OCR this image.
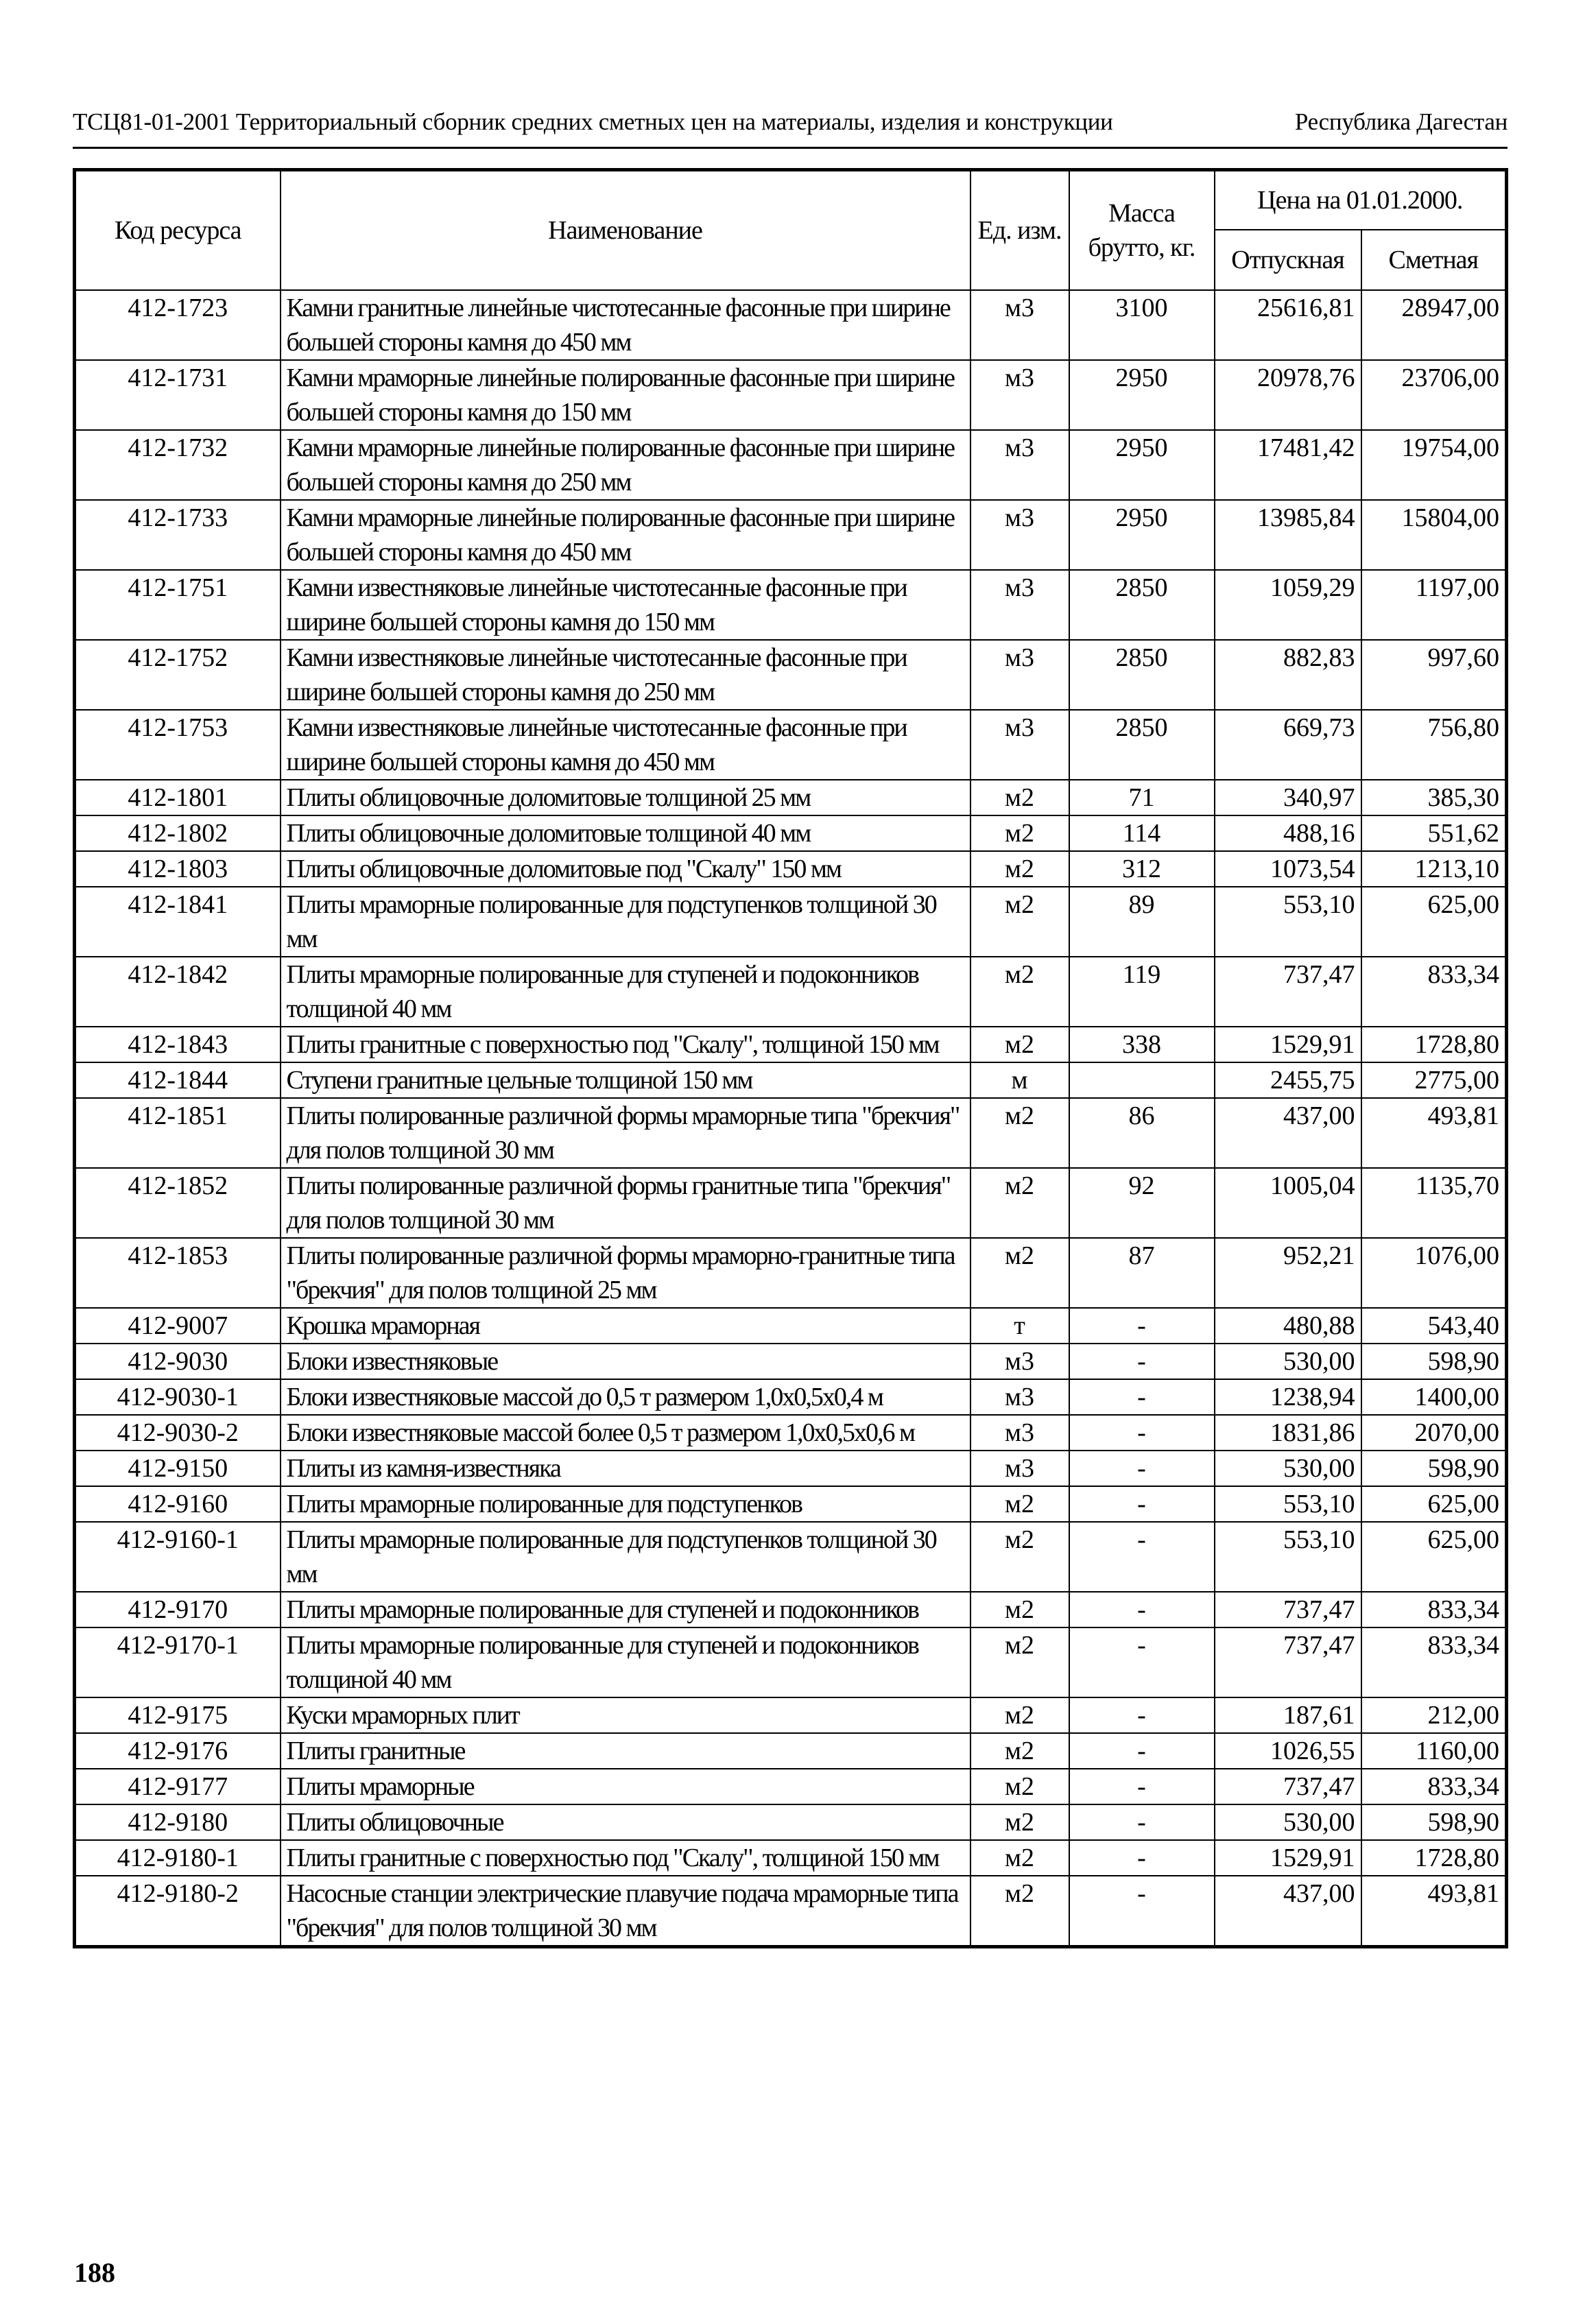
ТСЦ81-01-2001 Территориальный сборник средних сметных цен на материалы, изделия и конструкции	Республика Дагестан
Код ресурса	Наименование	Ед. изм.	Масса брутто, кг.	Цена на 01.01.2000.	
				Отпускная	Сметная
412-1723	Камни гранитные линейные чистотесанные фасонные при ширине большей стороны камня до 450 мм	м3	3100	25616,81	28947,00
412-1731	Камни мраморные линейные полированные фасонные при ширине большей стороны камня до 150 мм	м3	2950	20978,76	23706,00
412-1732	Камни мраморные линейные полированные фасонные при ширине большей стороны камня до 250 мм	м3	2950	17481,42	19754,00
412-1733	Камни мраморные линейные полированные фасонные при ширине большей стороны камня до 450 мм	м3	2950	13985,84	15804,00
412-1751	Камни известняковые линейные чистотесанные фасонные при ширине большей стороны камня до 150 мм	м3	2850	1059,29	1197,00
412-1752	Камни известняковые линейные чистотесанные фасонные при ширине большей стороны камня до 250 мм	м3	2850	882,83	997,60
412-1753	Камни известняковые линейные чистотесанные фасонные при ширине большей стороны камня до 450 мм	м3	2850	669,73	756,80
412-1801	Плиты облицовочные доломитовые толщиной 25 мм	м2	71	340,97	385,30
412-1802	Плиты облицовочные доломитовые толщиной 40 мм	м2	114	488,16	551,62
412-1803	Плиты облицовочные доломитовые под "Скалу" 150 мм	м2	312	1073,54	1213,10
412-1841	Плиты мраморные полированные для подступенков толщиной 30 мм	м2	89	553,10	625,00
412-1842	Плиты мраморные полированные для ступеней и подоконников толщиной 40 мм	м2	119	737,47	833,34
412-1843	Плиты гранитные с поверхностью под "Скалу", толщиной 150 мм	м2	338	1529,91	1728,80
412-1844	Ступени гранитные цельные толщиной 150 мм	м		2455,75	2775,00
412-1851	Плиты полированные различной формы мраморные типа "брекчия" для полов толщиной 30 мм	м2	86	437,00	493,81
412-1852	Плиты полированные различной формы гранитные типа "брекчия" для полов толщиной 30 мм	м2	92	1005,04	1135,70
412-1853	Плиты полированные различной формы мраморно-гранитные типа "брекчия" для полов толщиной 25 мм	м2	87	952,21	1076,00
412-9007	Крошка мраморная	т	-	480,88	543,40
412-9030	Блоки известняковые	м3	-	530,00	598,90
412-9030-1	Блоки известняковые массой до 0,5 т размером 1,0х0,5х0,4 м	м3	-	1238,94	1400,00
412-9030-2	Блоки известняковые массой более 0,5 т размером 1,0х0,5х0,6 м	м3	-	1831,86	2070,00
412-9150	Плиты из камня-известняка	м3	-	530,00	598,90
412-9160	Плиты мраморные полированные для подступенков	м2	-	553,10	625,00
412-9160-1	Плиты мраморные полированные для подступенков толщиной 30 мм	м2	-	553,10	625,00
412-9170	Плиты мраморные полированные для ступеней и подоконников	м2	-	737,47	833,34
412-9170-1	Плиты мраморные полированные для ступеней и подоконников толщиной 40 мм	м2	-	737,47	833,34
412-9175	Куски мраморных плит	м2	-	187,61	212,00
412-9176	Плиты гранитные	м2	-	1026,55	1160,00
412-9177	Плиты мраморные	м2	-	737,47	833,34
412-9180	Плиты облицовочные	м2	-	530,00	598,90
412-9180-1	Плиты гранитные с поверхностью под "Скалу", толщиной 150 мм	м2	-	1529,91	1728,80
412-9180-2	Насосные станции электрические плавучие подача мраморные типа "брекчия" для полов толщиной 30 мм	м2	-	437,00	493,81
188
